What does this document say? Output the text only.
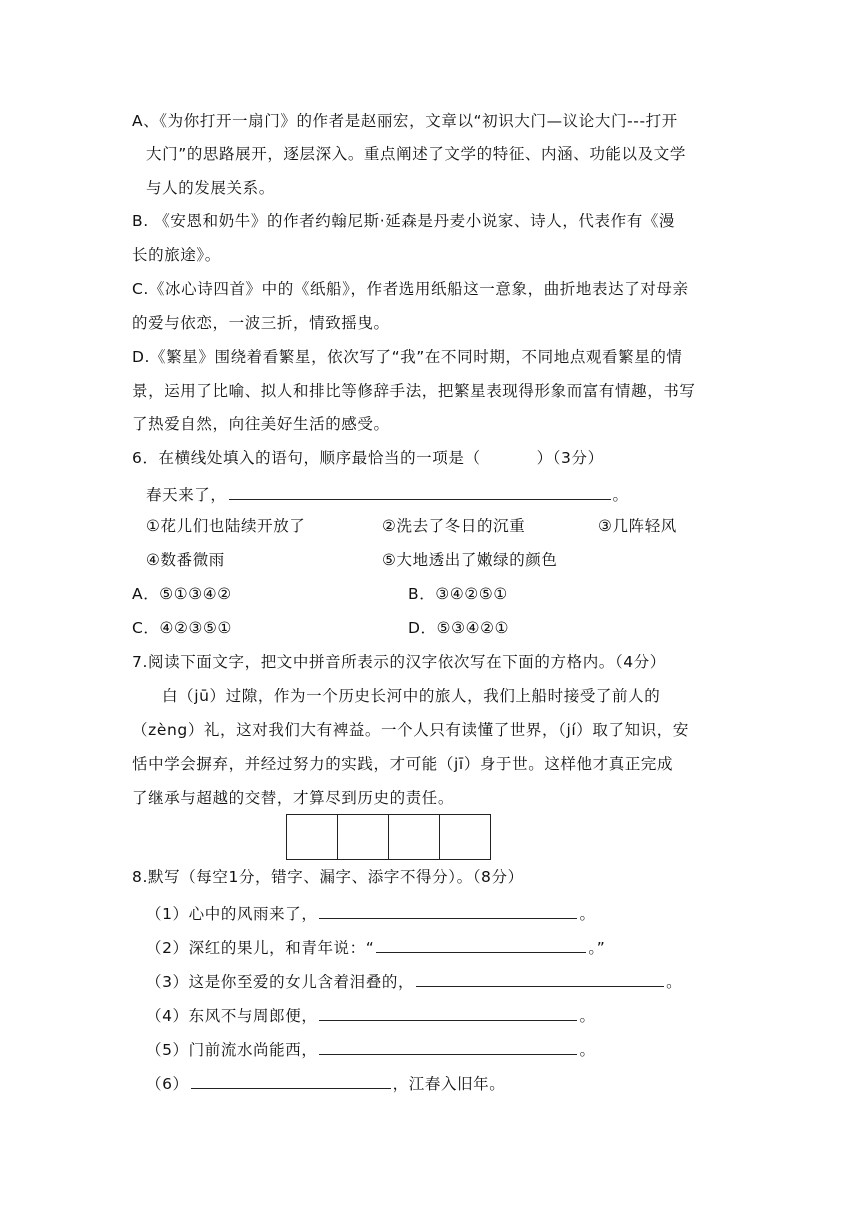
A、《为你打开一扇门》的作者是赵丽宏，文章以“初识大门—议论大门---打开
大门”的思路展开，逐层深入。重点阐述了文学的特征、内涵、功能以及文学
与人的发展关系。
B. 《安恩和奶牛》的作者约翰尼斯·延森是丹麦小说家、诗人，代表作有《漫
长的旅途》。
C.《冰心诗四首》中的《纸船》，作者选用纸船这一意象，曲折地表达了对母亲
的爱与依恋，一波三折，情致摇曳。
D.《繁星》围绕着看繁星，依次写了“我”在不同时期，不同地点观看繁星的情
景，运用了比喻、拟人和排比等修辞手法，把繁星表现得形象而富有情趣，书写
了热爱自然，向往美好生活的感受。
6．在横线处填入的语句，顺序最恰当的一项是（	）（3分）
春天来了，	。
①花儿们也陆续开放了	②洗去了冬日的沉重	③几阵轻风
④数番微雨	⑤大地透出了嫩绿的颜色
A．⑤①③④②	B．③④②⑤①
C．④②③⑤①	D．⑤③④②①
7.阅读下面文字，把文中拼音所表示的汉字依次写在下面的方格内。（4分）
白（jū）过隙，作为一个历史长河中的旅人，我们上船时接受了前人的
（zèng）礼，这对我们大有裨益。一个人只有读懂了世界，（jí）取了知识，安
恬中学会摒弃，并经过努力的实践，才可能（jī）身于世。这样他才真正完成
了继承与超越的交替，才算尽到历史的责任。
8.默写（每空1分，错字、漏字、添字不得分）。（8分）
（1）心中的风雨来了，	。
（2）深红的果儿，和青年说：“	。”
（3）这是你至爱的女儿含着泪叠的，	。
（4）东风不与周郎便，	。
（5）门前流水尚能西，	。
（6）	，江春入旧年。
